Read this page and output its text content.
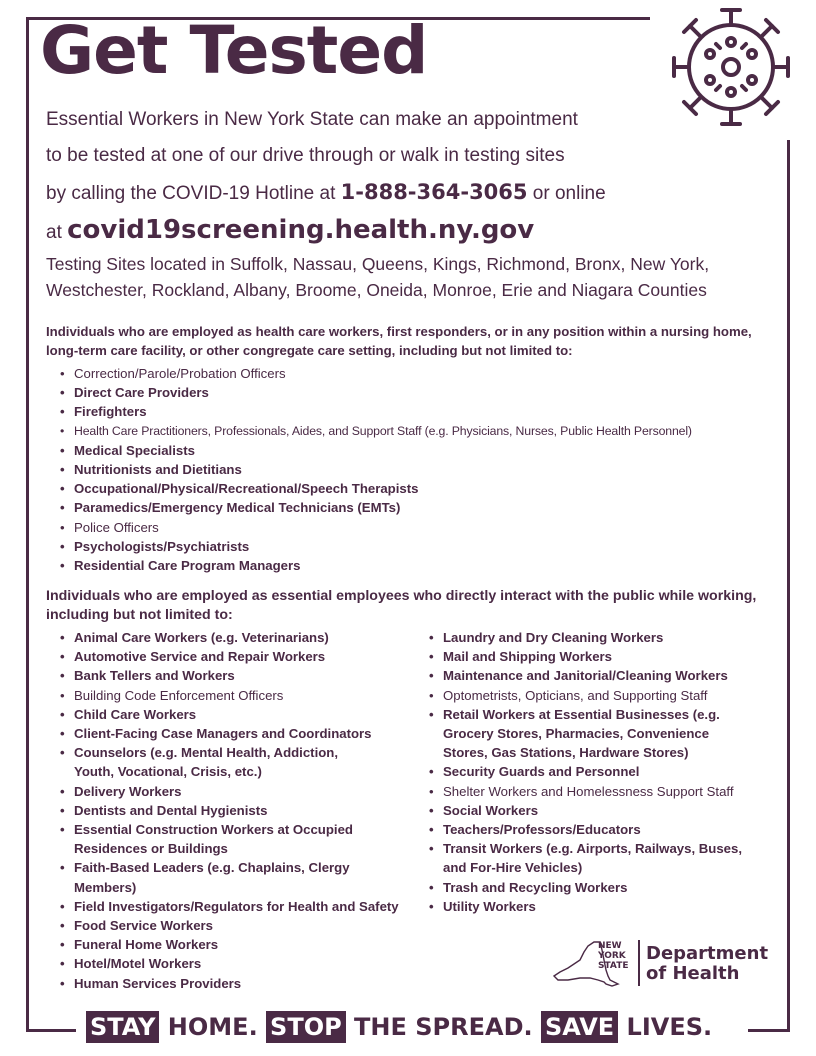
Get Tested
Essential Workers in New York State can make an appointment
to be tested at one of our drive through or walk in testing sites
by calling the COVID-19 Hotline at 1-888-364-3065 or online
at covid19screening.health.ny.gov
Testing Sites located in Suffolk, Nassau, Queens, Kings, Richmond, Bronx, New York,
Westchester, Rockland, Albany, Broome, Oneida, Monroe, Erie and Niagara Counties
Individuals who are employed as health care workers, first responders, or in any position within a nursing home,
long-term care facility, or other congregate care setting, including but not limited to:
• Correction/Parole/Probation Officers
• Direct Care Providers
• Firefighters
• Health Care Practitioners, Professionals, Aides, and Support Staff (e.g. Physicians, Nurses, Public Health Personnel)
• Medical Specialists
• Nutritionists and Dietitians
• Occupational/Physical/Recreational/Speech Therapists
• Paramedics/Emergency Medical Technicians (EMTs)
• Police Officers
• Psychologists/Psychiatrists
• Residential Care Program Managers
Individuals who are employed as essential employees who directly interact with the public while working,
including but not limited to:
• Animal Care Workers (e.g. Veterinarians)
• Automotive Service and Repair Workers
• Bank Tellers and Workers
• Building Code Enforcement Officers
• Child Care Workers
• Client-Facing Case Managers and Coordinators
• Counselors (e.g. Mental Health, Addiction,
Youth, Vocational, Crisis, etc.)
• Delivery Workers
• Dentists and Dental Hygienists
• Essential Construction Workers at Occupied
Residences or Buildings
• Faith-Based Leaders (e.g. Chaplains, Clergy
Members)
• Field Investigators/Regulators for Health and Safety
• Food Service Workers
• Funeral Home Workers
• Hotel/Motel Workers
• Human Services Providers
• Laundry and Dry Cleaning Workers
• Mail and Shipping Workers
• Maintenance and Janitorial/Cleaning Workers
• Optometrists, Opticians, and Supporting Staff
• Retail Workers at Essential Businesses (e.g.
Grocery Stores, Pharmacies, Convenience
Stores, Gas Stations, Hardware Stores)
• Security Guards and Personnel
• Shelter Workers and Homelessness Support Staff
• Social Workers
• Teachers/Professors/Educators
• Transit Workers (e.g. Airports, Railways, Buses,
and For-Hire Vehicles)
• Trash and Recycling Workers
• Utility Workers
NEW
YORK
STATE
Department
of Health
STAY HOME. STOP THE SPREAD. SAVE LIVES.
